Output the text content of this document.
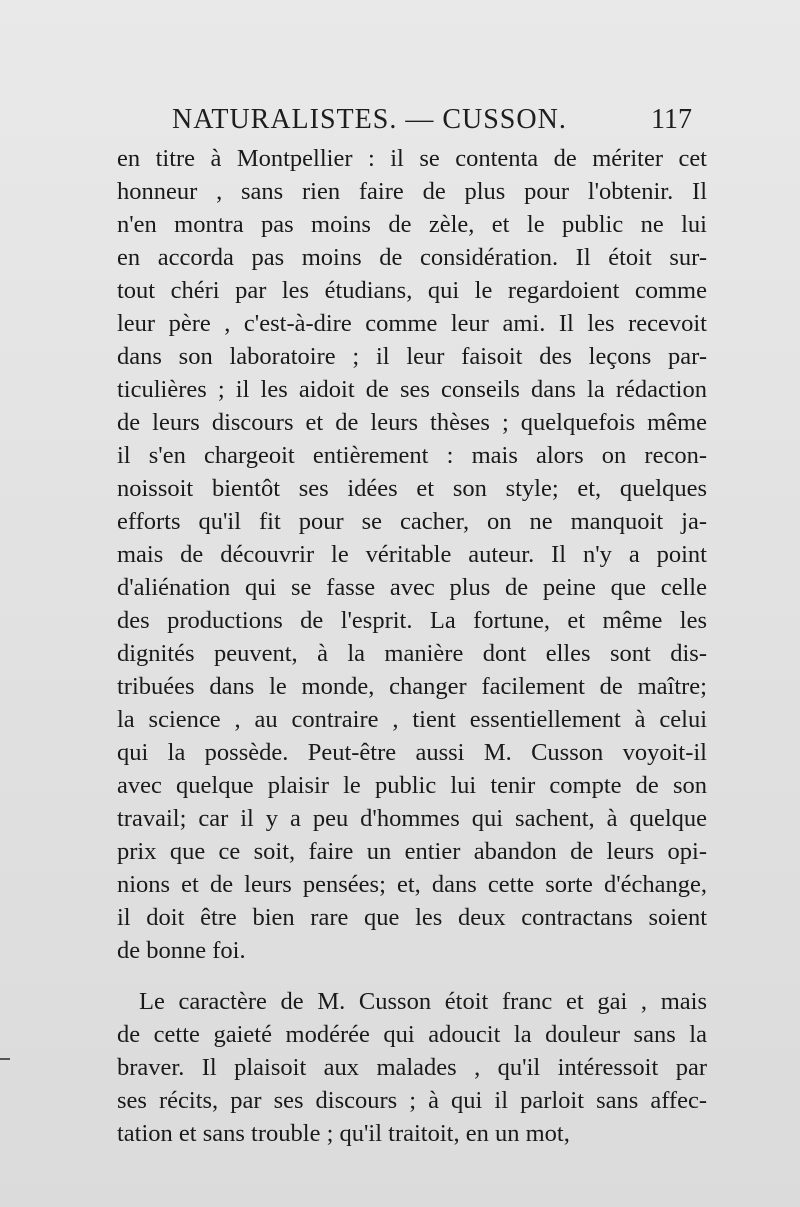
NATURALISTES. — CUSSON.	117
en titre à Montpellier : il se contenta de mériter cet
honneur , sans rien faire de plus pour l'obtenir. Il
n'en montra pas moins de zèle, et le public ne lui
en accorda pas moins de considération. Il étoit sur-
tout chéri par les étudians, qui le regardoient comme
leur père , c'est-à-dire comme leur ami. Il les recevoit
dans son laboratoire ; il leur faisoit des leçons par-
ticulières ; il les aidoit de ses conseils dans la rédaction
de leurs discours et de leurs thèses ; quelquefois même
il s'en chargeoit entièrement : mais alors on recon-
noissoit bientôt ses idées et son style; et, quelques
efforts qu'il fit pour se cacher, on ne manquoit ja-
mais de découvrir le véritable auteur. Il n'y a point
d'aliénation qui se fasse avec plus de peine que celle
des productions de l'esprit. La fortune, et même les
dignités peuvent, à la manière dont elles sont dis-
tribuées dans le monde, changer facilement de maître;
la science , au contraire , tient essentiellement à celui
qui la possède. Peut-être aussi M. Cusson voyoit-il
avec quelque plaisir le public lui tenir compte de son
travail; car il y a peu d'hommes qui sachent, à quelque
prix que ce soit, faire un entier abandon de leurs opi-
nions et de leurs pensées; et, dans cette sorte d'échange,
il doit être bien rare que les deux contractans soient
de bonne foi.
Le caractère de M. Cusson étoit franc et gai , mais
de cette gaieté modérée qui adoucit la douleur sans la
braver. Il plaisoit aux malades , qu'il intéressoit par
ses récits, par ses discours ; à qui il parloit sans affec-
tation et sans trouble ; qu'il traitoit, en un mot,
